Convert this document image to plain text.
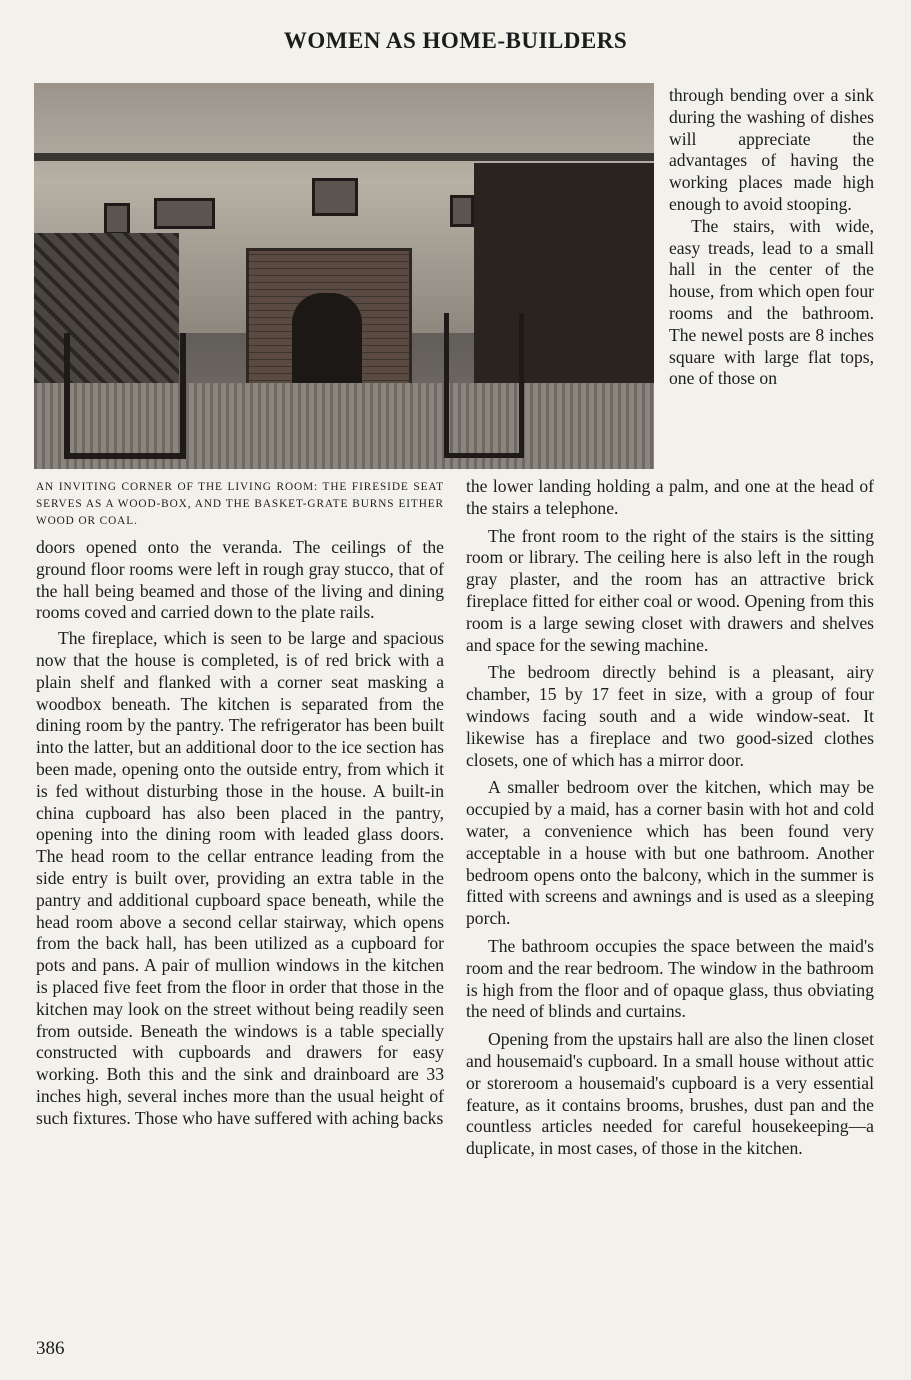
WOMEN AS HOME-BUILDERS
AN INVITING CORNER OF THE LIVING ROOM: THE FIRESIDE SEAT SERVES AS A WOOD-BOX, AND THE BASKET-GRATE BURNS EITHER WOOD OR COAL.

through bending over a sink during the washing of dishes will appreciate the advantages of having the working places made high enough to avoid stooping.

The stairs, with wide, easy treads, lead to a small hall in the center of the house, from which open four rooms and the bathroom. The newel posts are 8 inches square with large flat tops, one of those on

the lower landing holding a palm, and one at the head of the stairs a telephone.

The front room to the right of the stairs is the sitting room or library. The ceiling here is also left in the rough gray plaster, and the room has an attractive brick fireplace fitted for either coal or wood. Opening from this room is a large sewing closet with drawers and shelves and space for the sewing machine.

The bedroom directly behind is a pleasant, airy chamber, 15 by 17 feet in size, with a group of four windows facing south and a wide window-seat. It likewise has a fireplace and two good-sized clothes closets, one of which has a mirror door.

A smaller bedroom over the kitchen, which may be occupied by a maid, has a corner basin with hot and cold water, a convenience which has been found very acceptable in a house with but one bathroom. Another bedroom opens onto the balcony, which in the summer is fitted with screens and awnings and is used as a sleeping porch.

The bathroom occupies the space between the maid's room and the rear bedroom. The window in the bathroom is high from the floor and of opaque glass, thus obviating the need of blinds and curtains.

Opening from the upstairs hall are also the linen closet and housemaid's cupboard. In a small house without attic or storeroom a housemaid's cupboard is a very essential feature, as it contains brooms, brushes, dust pan and the countless articles needed for careful housekeeping—a duplicate, in most cases, of those in the kitchen.

doors opened onto the veranda. The ceilings of the ground floor rooms were left in rough gray stucco, that of the hall being beamed and those of the living and dining rooms coved and carried down to the plate rails.

The fireplace, which is seen to be large and spacious now that the house is completed, is of red brick with a plain shelf and flanked with a corner seat masking a woodbox beneath. The kitchen is separated from the dining room by the pantry. The refrigerator has been built into the latter, but an additional door to the ice section has been made, opening onto the outside entry, from which it is fed without disturbing those in the house. A built-in china cupboard has also been placed in the pantry, opening into the dining room with leaded glass doors. The head room to the cellar entrance leading from the side entry is built over, providing an extra table in the pantry and additional cupboard space beneath, while the head room above a second cellar stairway, which opens from the back hall, has been utilized as a cupboard for pots and pans. A pair of mullion windows in the kitchen is placed five feet from the floor in order that those in the kitchen may look on the street without being readily seen from outside. Beneath the windows is a table specially constructed with cupboards and drawers for easy working. Both this and the sink and drainboard are 33 inches high, several inches more than the usual height of such fixtures. Those who have suffered with aching backs

386
